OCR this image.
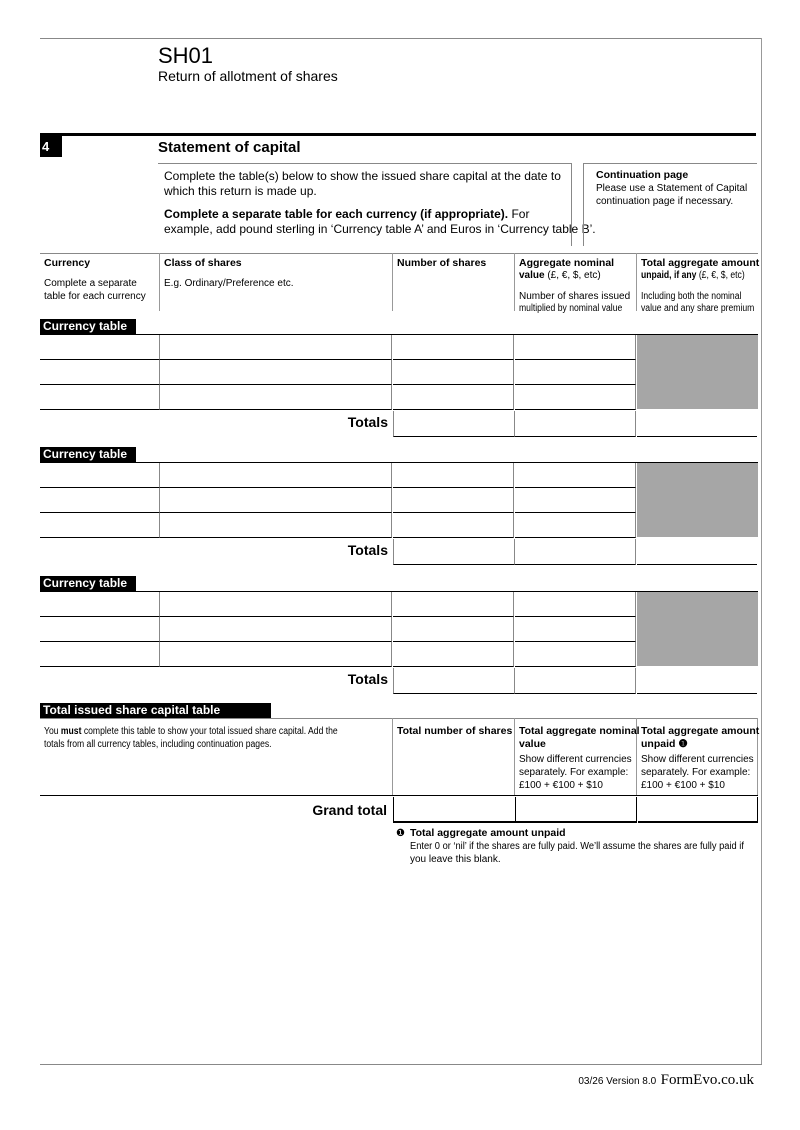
SH01
Return of allotment of shares
4	Statement of capital
Complete the table(s) below to show the issued share capital at the date to
which this return is made up.
Complete a separate table for each currency (if appropriate). For
example, add pound sterling in ‘Currency table A’ and Euros in ‘Currency table B’.
Continuation page
Please use a Statement of Capital
continuation page if necessary.
Currency
Complete a separate
table for each currency
Class of shares
E.g. Ordinary/Preference etc.
Number of shares	Aggregate nominal
value (£, €, $, etc)
Number of shares issued
multiplied by nominal value
Total aggregate amount
unpaid, if any (£, €, $, etc)
Including both the nominal
value and any share premium
Currency table
Totals
Currency table
Totals
Currency table
Totals
Total issued share capital table
You must complete this table to show your total issued share capital. Add the
totals from all currency tables, including continuation pages.
Total number of shares Total aggregate nominal
value
Show different currencies
separately. For example:
£100 + €100 + $10
Total aggregate amount
unpaid ❶
Show different currencies
separately. For example:
£100 + €100 + $10
Grand total
❶ Total aggregate amount unpaid
Enter 0 or ‘nil’ if the shares are fully paid. We’ll assume the shares are fully paid if
you leave this blank.
03/26 Version 8.0 FormEvo.co.uk
